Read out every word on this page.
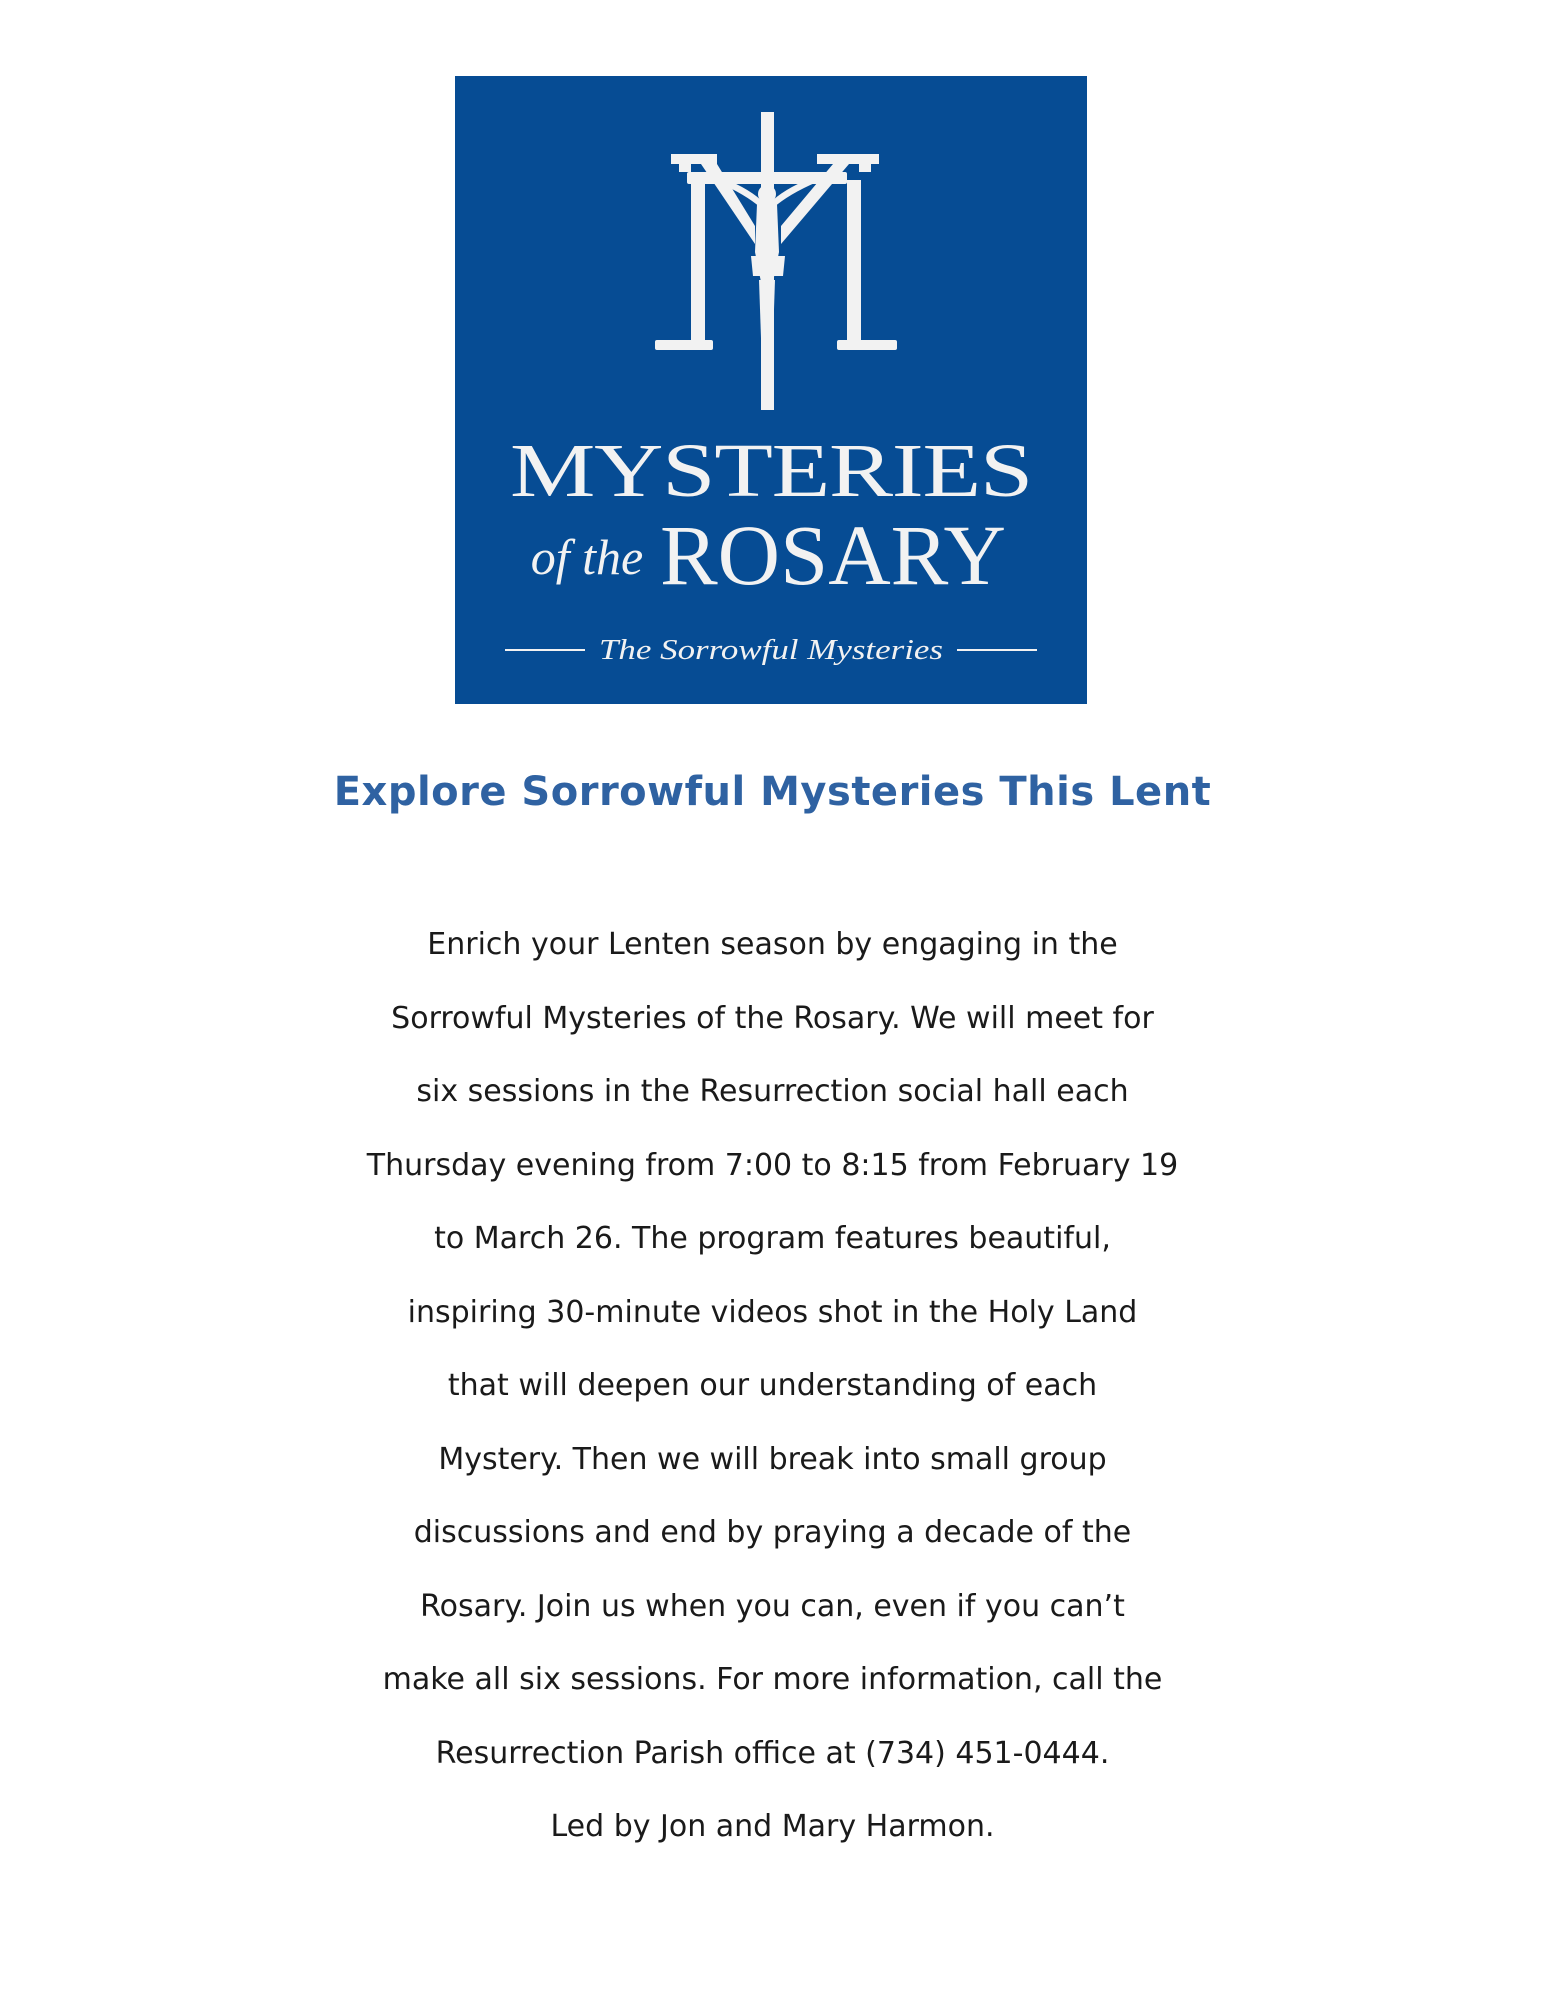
MYSTERIES
of the ROSARY
The Sorrowful Mysteries
Explore Sorrowful Mysteries This Lent
Enrich your Lenten season by engaging in the
Sorrowful Mysteries of the Rosary. We will meet for
six sessions in the Resurrection social hall each
Thursday evening from 7:00 to 8:15 from February 19
to March 26. The program features beautiful,
inspiring 30-minute videos shot in the Holy Land
that will deepen our understanding of each
Mystery. Then we will break into small group
discussions and end by praying a decade of the
Rosary. Join us when you can, even if you can’t
make all six sessions. For more information, call the
Resurrection Parish office at (734) 451-0444.
Led by Jon and Mary Harmon.
